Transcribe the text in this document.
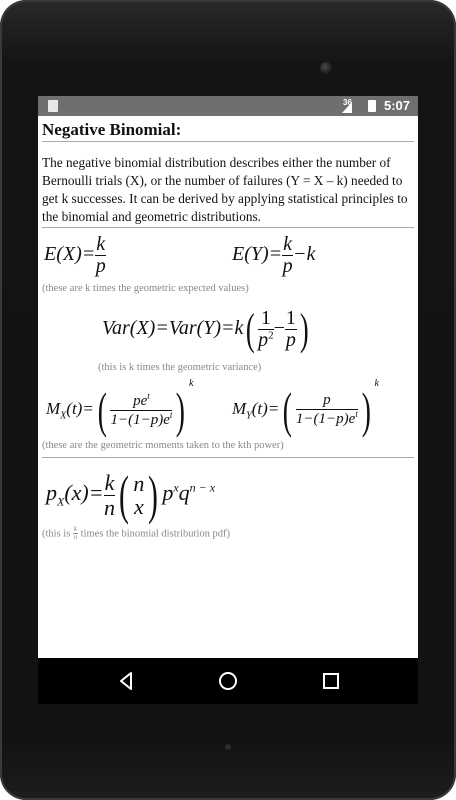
36 5:07
Negative Binomial:
The negative binomial distribution describes either the number of Bernoulli trials (X), or the number of failures (Y = X – k) needed to get k successes. It can be derived by applying statistical principles to the binomial and geometric distributions.
$E(X)= \frac{k}{p}$	$E(Y)= \frac{k}{p} -k$
(these are k times the geometric expected values)
$Var(X)=Var(Y)=k( \frac{1}{p^2} - \frac{1}{p}$ )
(this is k times the geometric variance)
$M_X(t)=( \frac{pe^t}{1-(1-p)e^t}$ ) $^k$
$M_Y(t)=( \frac{p}{1-(1-p)e^t}$ ) $^k$
(these are the geometric moments taken to the kth power)
$p_X(x)= \frac{k}{n}$ ( n
x ) $p^xq^{n - x}$
(this is $\frac{k}{n}$ times the binomial distribution pdf)
